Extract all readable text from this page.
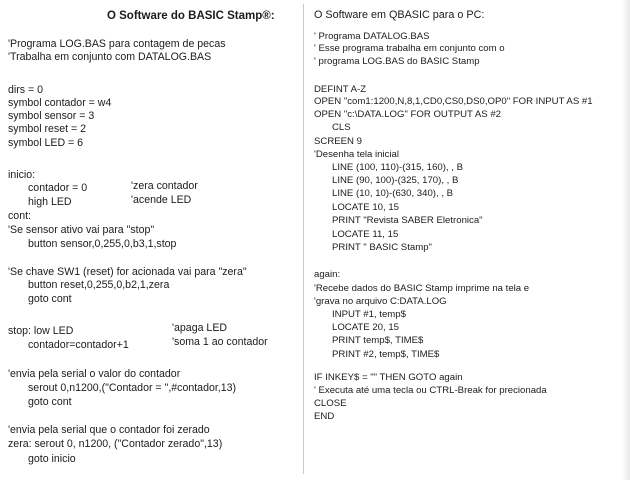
O Software do BASIC Stamp®:
'Programa LOG.BAS para contagem de pecas
'Trabalha em conjunto com DATALOG.BAS
dirs = 0
symbol contador = w4
symbol sensor = 3
symbol reset = 2
symbol LED = 6
inicio:
contador = 0	'zera contador
high LED	'acende LED
cont:
'Se sensor ativo vai para "stop"
button sensor,0,255,0,b3,1,stop
'Se chave SW1 (reset) for acionada vai para "zera"
button reset,0,255,0,b2,1,zera
goto cont
stop: low LED	'apaga LED
contador=contador+1	'soma 1 ao contador
'envia pela serial o valor do contador
serout 0,n1200,("Contador = ",#contador,13)
goto cont
'envia pela serial que o contador foi zerado
zera: serout 0, n1200, ("Contador zerado",13)
goto inicio
O Software em QBASIC para o PC:
' Programa DATALOG.BAS
' Esse programa trabalha em conjunto com o
' programa LOG.BAS do BASIC Stamp
DEFINT A-Z
OPEN "com1:1200,N,8,1,CD0,CS0,DS0,OP0" FOR INPUT AS #1
OPEN "c:\DATA.LOG" FOR OUTPUT AS #2
CLS
SCREEN 9
'Desenha tela inicial
LINE (100, 110)-(315, 160), , B
LINE (90, 100)-(325, 170), , B
LINE (10, 10)-(630, 340), , B
LOCATE 10, 15
PRINT "Revista SABER Eletronica"
LOCATE 11, 15
PRINT " BASIC Stamp"
again:
'Recebe dados do BASIC Stamp imprime na tela e
'grava no arquivo C:DATA.LOG
INPUT #1, temp$
LOCATE 20, 15
PRINT temp$, TIME$
PRINT #2, temp$, TIME$
IF INKEY$ = "" THEN GOTO again
' Executa até uma tecla ou CTRL-Break for precionada
CLOSE
END
